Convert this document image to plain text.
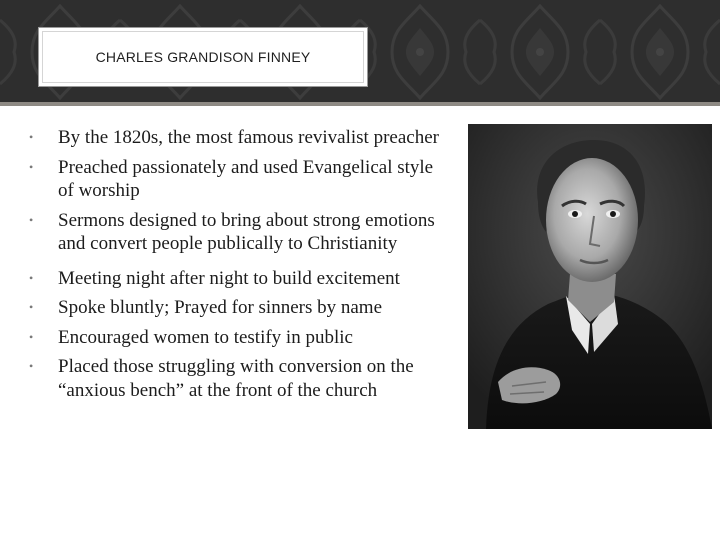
CHARLES GRANDISON FINNEY
• By the 1820s, the most famous revivalist preacher
• Preached passionately and used Evangelical style of worship
• Sermons designed to bring about strong emotions and convert people publically to Christianity
• Meeting night after night to build excitement
• Spoke bluntly; Prayed for sinners by name
• Encouraged women to testify in public
• Placed those struggling with conversion on the “anxious bench” at the front of the church
